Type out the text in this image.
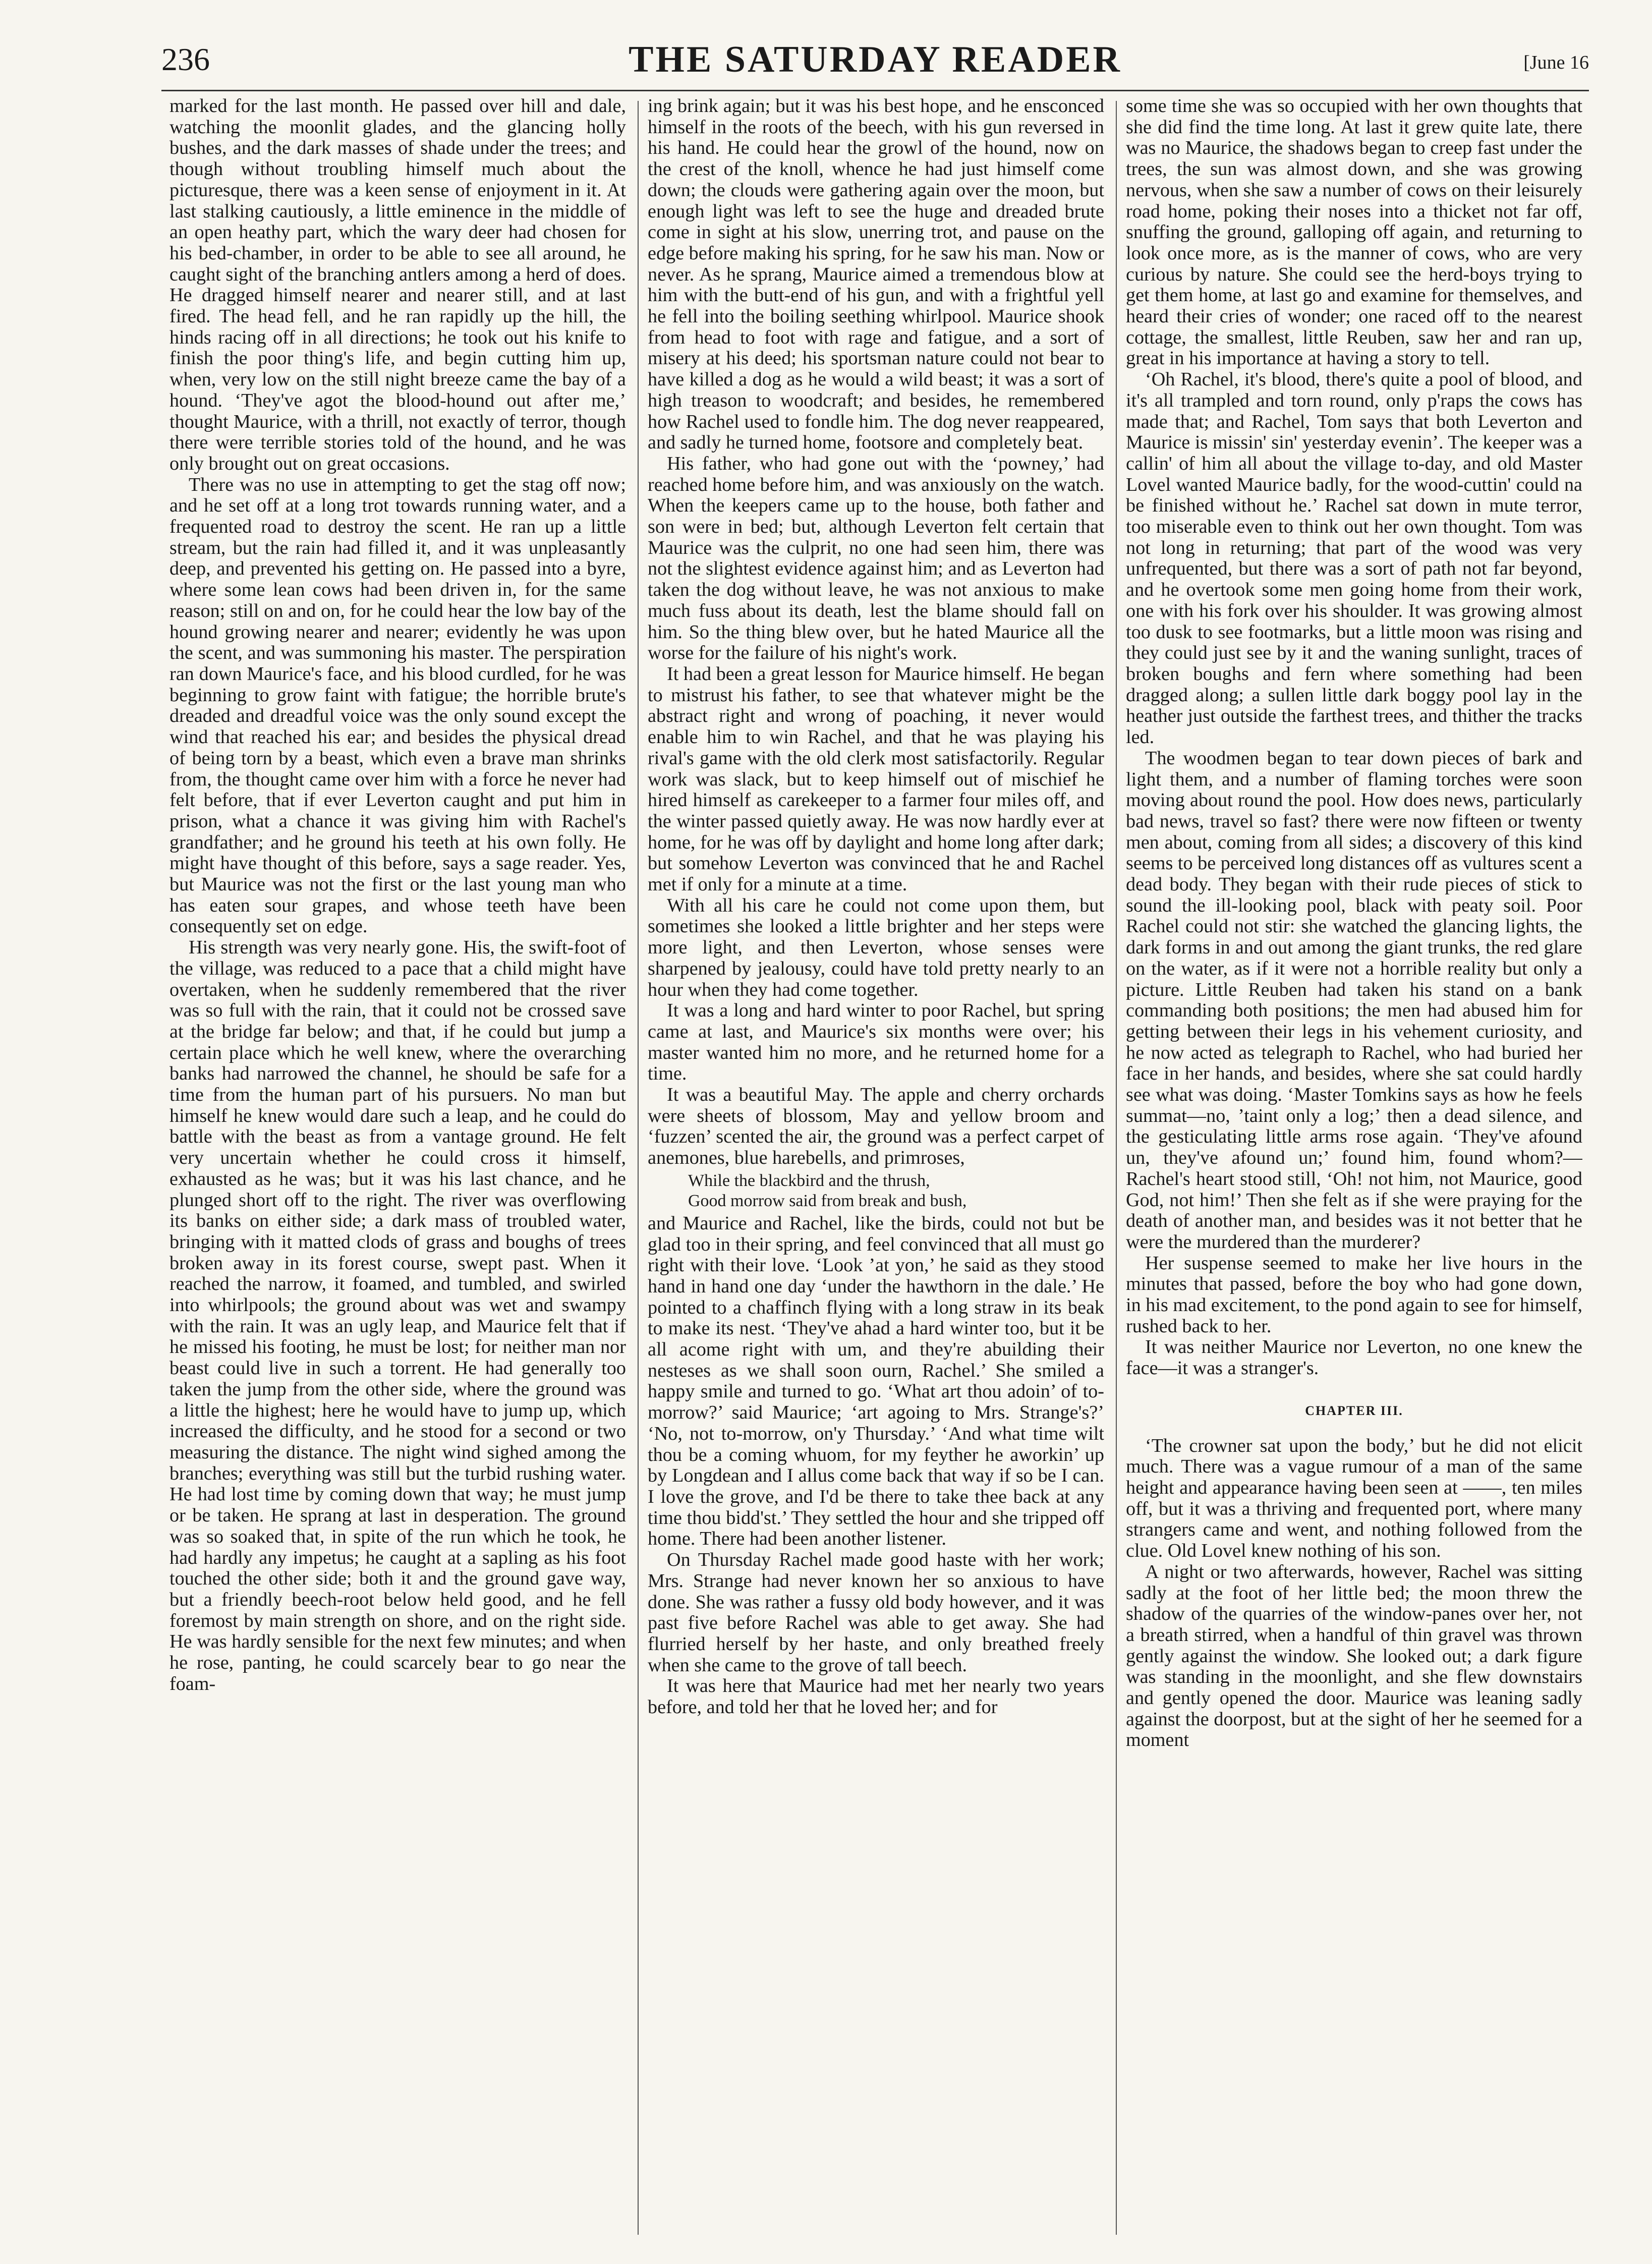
236	THE SATURDAY READER	[June 16

marked for the last month. He passed over hill and dale, watching the moonlit glades, and the glancing holly bushes, and the dark masses of shade under the trees; and though without troubling himself much about the picturesque, there was a keen sense of enjoyment in it. At last stalking cautiously, a little eminence in the middle of an open heathy part, which the wary deer had chosen for his bed-chamber, in order to be able to see all around, he caught sight of the branching antlers among a herd of does. He dragged himself nearer and nearer still, and at last fired. The head fell, and he ran rapidly up the hill, the hinds racing off in all directions; he took out his knife to finish the poor thing's life, and begin cutting him up, when, very low on the still night breeze came the bay of a hound. ‘They've agot the blood-hound out after me,’ thought Maurice, with a thrill, not exactly of terror, though there were terrible stories told of the hound, and he was only brought out on great occasions.

There was no use in attempting to get the stag off now; and he set off at a long trot towards running water, and a frequented road to destroy the scent. He ran up a little stream, but the rain had filled it, and it was unpleasantly deep, and prevented his getting on. He passed into a byre, where some lean cows had been driven in, for the same reason; still on and on, for he could hear the low bay of the hound growing nearer and nearer; evidently he was upon the scent, and was summoning his master. The perspiration ran down Maurice's face, and his blood curdled, for he was beginning to grow faint with fatigue; the horrible brute's dreaded and dreadful voice was the only sound except the wind that reached his ear; and besides the physical dread of being torn by a beast, which even a brave man shrinks from, the thought came over him with a force he never had felt before, that if ever Leverton caught and put him in prison, what a chance it was giving him with Rachel's grandfather; and he ground his teeth at his own folly. He might have thought of this before, says a sage reader. Yes, but Maurice was not the first or the last young man who has eaten sour grapes, and whose teeth have been consequently set on edge.

His strength was very nearly gone. His, the swift-foot of the village, was reduced to a pace that a child might have overtaken, when he suddenly remembered that the river was so full with the rain, that it could not be crossed save at the bridge far below; and that, if he could but jump a certain place which he well knew, where the overarching banks had narrowed the channel, he should be safe for a time from the human part of his pursuers. No man but himself he knew would dare such a leap, and he could do battle with the beast as from a vantage ground. He felt very uncertain whether he could cross it himself, exhausted as he was; but it was his last chance, and he plunged short off to the right. The river was overflowing its banks on either side; a dark mass of troubled water, bringing with it matted clods of grass and boughs of trees broken away in its forest course, swept past. When it reached the narrow, it foamed, and tumbled, and swirled into whirlpools; the ground about was wet and swampy with the rain. It was an ugly leap, and Maurice felt that if he missed his footing, he must be lost; for neither man nor beast could live in such a torrent. He had generally too taken the jump from the other side, where the ground was a little the highest; here he would have to jump up, which increased the difficulty, and he stood for a second or two measuring the distance. The night wind sighed among the branches; everything was still but the turbid rushing water. He had lost time by coming down that way; he must jump or be taken. He sprang at last in desperation. The ground was so soaked that, in spite of the run which he took, he had hardly any impetus; he caught at a sapling as his foot touched the other side; both it and the ground gave way, but a friendly beech-root below held good, and he fell foremost by main strength on shore, and on the right side. He was hardly sensible for the next few minutes; and when he rose, panting, he could scarcely bear to go near the foam-

ing brink again; but it was his best hope, and he ensconced himself in the roots of the beech, with his gun reversed in his hand. He could hear the growl of the hound, now on the crest of the knoll, whence he had just himself come down; the clouds were gathering again over the moon, but enough light was left to see the huge and dreaded brute come in sight at his slow, unerring trot, and pause on the edge before making his spring, for he saw his man. Now or never. As he sprang, Maurice aimed a tremendous blow at him with the butt-end of his gun, and with a frightful yell he fell into the boiling seething whirlpool. Maurice shook from head to foot with rage and fatigue, and a sort of misery at his deed; his sportsman nature could not bear to have killed a dog as he would a wild beast; it was a sort of high treason to woodcraft; and besides, he remembered how Rachel used to fondle him. The dog never reappeared, and sadly he turned home, footsore and completely beat.

His father, who had gone out with the ‘powney,’ had reached home before him, and was anxiously on the watch. When the keepers came up to the house, both father and son were in bed; but, although Leverton felt certain that Maurice was the culprit, no one had seen him, there was not the slightest evidence against him; and as Leverton had taken the dog without leave, he was not anxious to make much fuss about its death, lest the blame should fall on him. So the thing blew over, but he hated Maurice all the worse for the failure of his night's work.

It had been a great lesson for Maurice himself. He began to mistrust his father, to see that whatever might be the abstract right and wrong of poaching, it never would enable him to win Rachel, and that he was playing his rival's game with the old clerk most satisfactorily. Regular work was slack, but to keep himself out of mischief he hired himself as carekeeper to a farmer four miles off, and the winter passed quietly away. He was now hardly ever at home, for he was off by daylight and home long after dark; but somehow Leverton was convinced that he and Rachel met if only for a minute at a time.

With all his care he could not come upon them, but sometimes she looked a little brighter and her steps were more light, and then Leverton, whose senses were sharpened by jealousy, could have told pretty nearly to an hour when they had come together.

It was a long and hard winter to poor Rachel, but spring came at last, and Maurice's six months were over; his master wanted him no more, and he returned home for a time.

It was a beautiful May. The apple and cherry orchards were sheets of blossom, May and yellow broom and ‘fuzzen’ scented the air, the ground was a perfect carpet of anemones, blue harebells, and primroses,

While the blackbird and the thrush,
Good morrow said from break and bush,

and Maurice and Rachel, like the birds, could not but be glad too in their spring, and feel convinced that all must go right with their love. ‘Look ’at yon,’ he said as they stood hand in hand one day ‘under the hawthorn in the dale.’ He pointed to a chaffinch flying with a long straw in its beak to make its nest. ‘They've ahad a hard winter too, but it be all acome right with um, and they're abuilding their nesteses as we shall soon ourn, Rachel.’ She smiled a happy smile and turned to go. ‘What art thou adoin’ of to-morrow?’ said Maurice; ‘art agoing to Mrs. Strange's?’ ‘No, not to-morrow, on'y Thursday.’ ‘And what time wilt thou be a coming whuom, for my feyther he aworkin’ up by Longdean and I allus come back that way if so be I can. I love the grove, and I'd be there to take thee back at any time thou bidd'st.’ They settled the hour and she tripped off home. There had been another listener.

On Thursday Rachel made good haste with her work; Mrs. Strange had never known her so anxious to have done. She was rather a fussy old body however, and it was past five before Rachel was able to get away. She had flurried herself by her haste, and only breathed freely when she came to the grove of tall beech.

It was here that Maurice had met her nearly two years before, and told her that he loved her; and for

some time she was so occupied with her own thoughts that she did find the time long. At last it grew quite late, there was no Maurice, the shadows began to creep fast under the trees, the sun was almost down, and she was growing nervous, when she saw a number of cows on their leisurely road home, poking their noses into a thicket not far off, snuffing the ground, galloping off again, and returning to look once more, as is the manner of cows, who are very curious by nature. She could see the herd-boys trying to get them home, at last go and examine for themselves, and heard their cries of wonder; one raced off to the nearest cottage, the smallest, little Reuben, saw her and ran up, great in his importance at having a story to tell.

‘Oh Rachel, it's blood, there's quite a pool of blood, and it's all trampled and torn round, only p'raps the cows has made that; and Rachel, Tom says that both Leverton and Maurice is missin' sin' yesterday evenin’. The keeper was a callin' of him all about the village to-day, and old Master Lovel wanted Maurice badly, for the wood-cuttin' could na be finished without he.’ Rachel sat down in mute terror, too miserable even to think out her own thought. Tom was not long in returning; that part of the wood was very unfrequented, but there was a sort of path not far beyond, and he overtook some men going home from their work, one with his fork over his shoulder. It was growing almost too dusk to see footmarks, but a little moon was rising and they could just see by it and the waning sunlight, traces of broken boughs and fern where something had been dragged along; a sullen little dark boggy pool lay in the heather just outside the farthest trees, and thither the tracks led.

The woodmen began to tear down pieces of bark and light them, and a number of flaming torches were soon moving about round the pool. How does news, particularly bad news, travel so fast? there were now fifteen or twenty men about, coming from all sides; a discovery of this kind seems to be perceived long distances off as vultures scent a dead body. They began with their rude pieces of stick to sound the ill-looking pool, black with peaty soil. Poor Rachel could not stir: she watched the glancing lights, the dark forms in and out among the giant trunks, the red glare on the water, as if it were not a horrible reality but only a picture. Little Reuben had taken his stand on a bank commanding both positions; the men had abused him for getting between their legs in his vehement curiosity, and he now acted as telegraph to Rachel, who had buried her face in her hands, and besides, where she sat could hardly see what was doing. ‘Master Tomkins says as how he feels summat—no, ’taint only a log;’ then a dead silence, and the gesticulating little arms rose again. ‘They've afound un, they've afound un;’ found him, found whom?—Rachel's heart stood still, ‘Oh! not him, not Maurice, good God, not him!’ Then she felt as if she were praying for the death of another man, and besides was it not better that he were the murdered than the murderer?

Her suspense seemed to make her live hours in the minutes that passed, before the boy who had gone down, in his mad excitement, to the pond again to see for himself, rushed back to her.

It was neither Maurice nor Leverton, no one knew the face—it was a stranger's.

CHAPTER III.

‘The crowner sat upon the body,’ but he did not elicit much. There was a vague rumour of a man of the same height and appearance having been seen at ——, ten miles off, but it was a thriving and frequented port, where many strangers came and went, and nothing followed from the clue. Old Lovel knew nothing of his son.

A night or two afterwards, however, Rachel was sitting sadly at the foot of her little bed; the moon threw the shadow of the quarries of the window-panes over her, not a breath stirred, when a handful of thin gravel was thrown gently against the window. She looked out; a dark figure was standing in the moonlight, and she flew downstairs and gently opened the door. Maurice was leaning sadly against the doorpost, but at the sight of her he seemed for a moment
